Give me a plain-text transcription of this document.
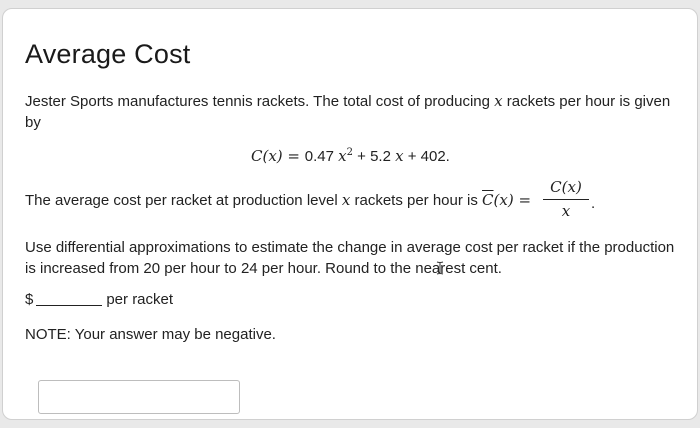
Average Cost
Jester Sports manufactures tennis rackets. The total cost of producing x rackets per hour is given
by
C(x) = 0.47 $x^2 + 5.2$ x + 402.
The average cost per racket at production level x rackets per hour is $\overline{C}(x)$ =
C(x)
x	.
Use differential approximations to estimate the change in average cost per racket if the production
is increased from 20 per hour to 24 per hour. Round to the nearest cent.
$	per racket
NOTE: Your answer may be negative.
